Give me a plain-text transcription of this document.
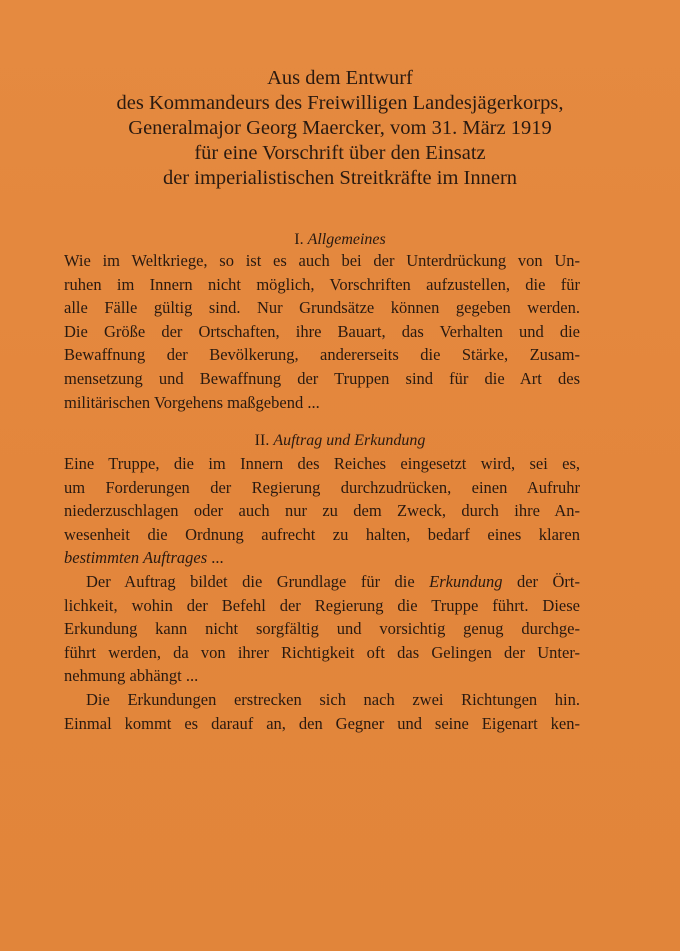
Aus dem Entwurf
des Kommandeurs des Freiwilligen Landesjägerkorps,
Generalmajor Georg Maercker, vom 31. März 1919
für eine Vorschrift über den Einsatz
der imperialistischen Streitkräfte im Innern
I. Allgemeines
Wie im Weltkriege, so ist es auch bei der Unterdrückung von Un-
ruhen im Innern nicht möglich, Vorschriften aufzustellen, die für
alle Fälle gültig sind. Nur Grundsätze können gegeben werden.
Die Größe der Ortschaften, ihre Bauart, das Verhalten und die
Bewaffnung der Bevölkerung, andererseits die Stärke, Zusam-
mensetzung und Bewaffnung der Truppen sind für die Art des
militärischen Vorgehens maßgebend ...
II. Auftrag und Erkundung
Eine Truppe, die im Innern des Reiches eingesetzt wird, sei es,
um Forderungen der Regierung durchzudrücken, einen Aufruhr
niederzuschlagen oder auch nur zu dem Zweck, durch ihre An-
wesenheit die Ordnung aufrecht zu halten, bedarf eines klaren
bestimmten Auftrages ...
Der Auftrag bildet die Grundlage für die Erkundung der Ört-
lichkeit, wohin der Befehl der Regierung die Truppe führt. Diese
Erkundung kann nicht sorgfältig und vorsichtig genug durchge-
führt werden, da von ihrer Richtigkeit oft das Gelingen der Unter-
nehmung abhängt ...
Die Erkundungen erstrecken sich nach zwei Richtungen hin.
Einmal kommt es darauf an, den Gegner und seine Eigenart ken-
